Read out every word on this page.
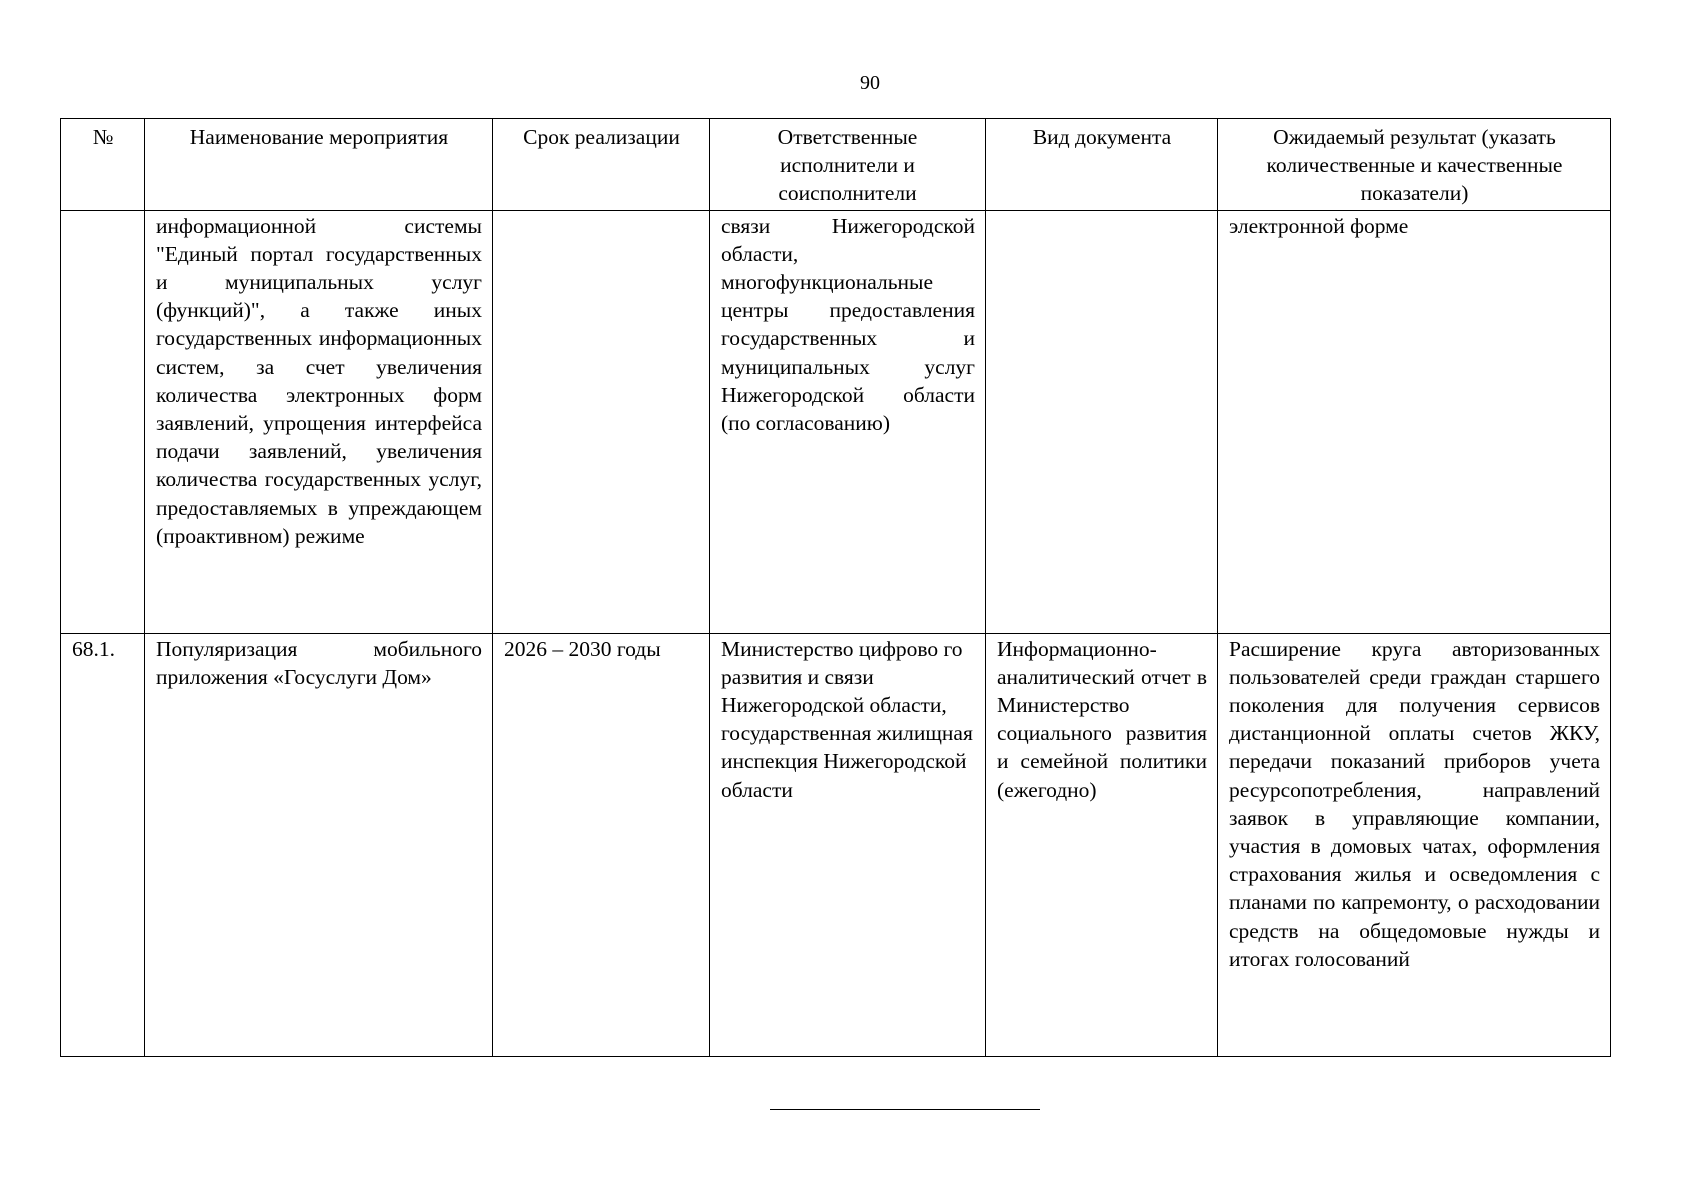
90
№	Наименование мероприятия	Срок реализации	Ответственные исполнители и соисполнители	Вид документа	Ожидаемый результат (указать количественные и качественные показатели)
	информационной системы "Единый портал государственных и муниципальных услуг (функций)", а также иных государственных информационных систем, за счет увеличения количества электронных форм заявлений, упрощения интерфейса подачи заявлений, увеличения количества государственных услуг, предоставляемых в упреждающем (проактивном) режиме		связи Нижегородской области, многофункциональные центры предоставления государственных и муниципальных услуг Нижегородской области (по согласованию)		электронной форме
68.1.	Популяризация мобильного приложения «Госуслуги Дом»	2026 – 2030 годы	Министерство цифрово го развития и связи Нижегородской области, государственная жилищная инспекция Нижегородской области	Информационно-аналитический отчет в Министерство социального развития и семейной политики (ежегодно)	Расширение круга авторизованных пользователей среди граждан старшего поколения для получения сервисов дистанционной оплаты счетов ЖКУ, передачи показаний приборов учета ресурсопотребления, направлений заявок в управляющие компании, участия в домовых чатах, оформления страхования жилья и осведомления с планами по капремонту, о расходовании средств на общедомовые нужды и итогах голосований
